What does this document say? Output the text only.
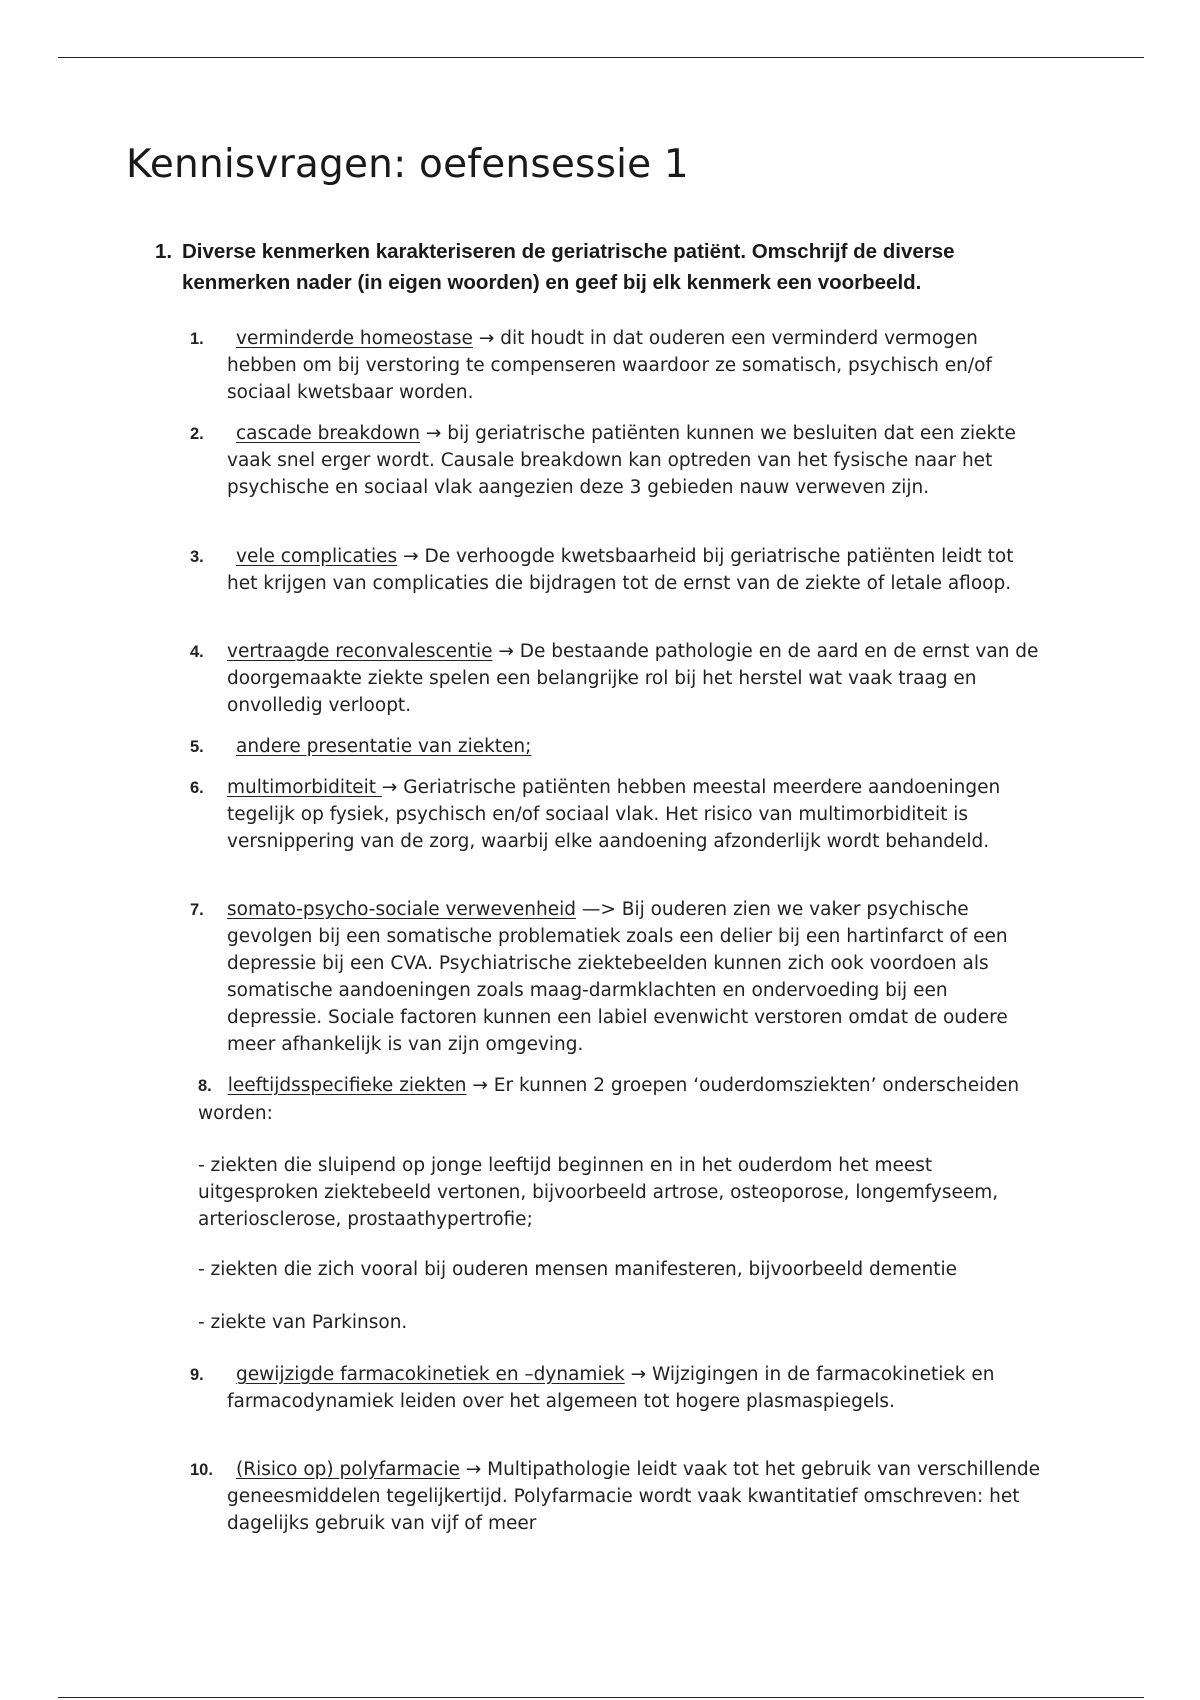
Kennisvragen: oefensessie 1
1. Diverse kenmerken karakteriseren de geriatrische patiënt. Omschrijf de diverse kenmerken nader (in eigen woorden) en geef bij elk kenmerk een voorbeeld.
1.	verminderde homeostase → dit houdt in dat ouderen een verminderd vermogen hebben om bij verstoring te compenseren waardoor ze somatisch, psychisch en/of sociaal kwetsbaar worden.
2.	cascade breakdown → bij geriatrische patiënten kunnen we besluiten dat een ziekte vaak snel erger wordt. Causale breakdown kan optreden van het fysische naar het psychische en sociaal vlak aangezien deze 3 gebieden nauw verweven zijn.
3.	vele complicaties → De verhoogde kwetsbaarheid bij geriatrische patiënten leidt tot het krijgen van complicaties die bijdragen tot de ernst van de ziekte of letale afloop.
4.	vertraagde reconvalescentie → De bestaande pathologie en de aard en de ernst van de doorgemaakte ziekte spelen een belangrijke rol bij het herstel wat vaak traag en onvolledig verloopt.
5.	andere presentatie van ziekten;
6.	multimorbiditeit → Geriatrische patiënten hebben meestal meerdere aandoeningen tegelijk op fysiek, psychisch en/of sociaal vlak. Het risico van multimorbiditeit is versnippering van de zorg, waarbij elke aandoening afzonderlijk wordt behandeld.
7.	somato-psycho-sociale verwevenheid —> Bij ouderen zien we vaker psychische gevolgen bij een somatische problematiek zoals een delier bij een hartinfarct of een depressie bij een CVA. Psychiatrische ziektebeelden kunnen zich ook voordoen als somatische aandoeningen zoals maag-darmklachten en ondervoeding bij een depressie. Sociale factoren kunnen een labiel evenwicht verstoren omdat de oudere meer afhankelijk is van zijn omgeving.
8. leeftijdsspecifieke ziekten → Er kunnen 2 groepen ‘ouderdomsziekten’ onderscheiden worden:
- ziekten die sluipend op jonge leeftijd beginnen en in het ouderdom het meest uitgesproken ziektebeeld vertonen, bijvoorbeeld artrose, osteoporose, longemfyseem, arteriosclerose, prostaathypertrofie;
- ziekten die zich vooral bij ouderen mensen manifesteren, bijvoorbeeld dementie
- ziekte van Parkinson.
9.	gewijzigde farmacokinetiek en –dynamiek → Wijzigingen in de farmacokinetiek en farmacodynamiek leiden over het algemeen tot hogere plasmaspiegels.
10.	(Risico op) polyfarmacie → Multipathologie leidt vaak tot het gebruik van verschillende geneesmiddelen tegelijkertijd. Polyfarmacie wordt vaak kwantitatief omschreven: het dagelijks gebruik van vijf of meer
